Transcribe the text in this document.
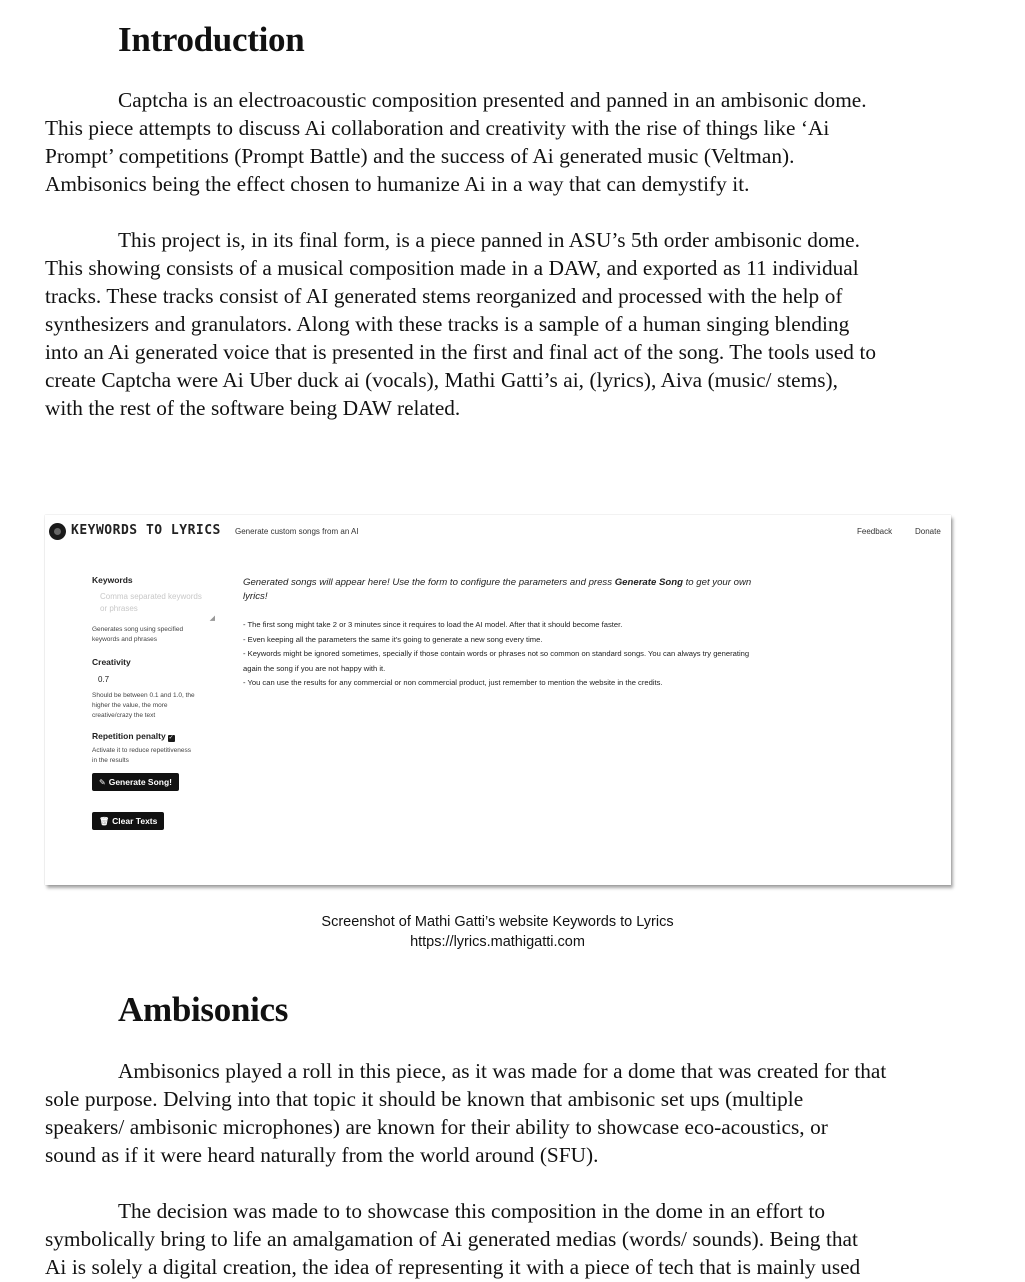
Introduction

Captcha is an electroacoustic composition presented and panned in an ambisonic dome.
This piece attempts to discuss Ai collaboration and creativity with the rise of things like ‘Ai
Prompt’ competitions (Prompt Battle) and the success of Ai generated music (Veltman).
Ambisonics being the effect chosen to humanize Ai in a way that can demystify it.

This project is, in its final form, is a piece panned in ASU’s 5th order ambisonic dome.
This showing consists of a musical composition made in a DAW, and exported as 11 individual
tracks. These tracks consist of AI generated stems reorganized and processed with the help of
synthesizers and granulators. Along with these tracks is a sample of a human singing blending
into an Ai generated voice that is presented in the first and final act of the song. The tools used to
create Captcha were Ai Uber duck ai (vocals), Mathi Gatti’s ai, (lyrics), Aiva (music/ stems),
with the rest of the software being DAW related.

KEYWORDS TO LYRICS Generate custom songs from an AI	Feedback	Donate
Keywords
Comma separated keywords
or phrases
◢
Generates song using specified
keywords and phrases
Creativity
0.7
Should be between 0.1 and 1.0, the
higher the value, the more
creative/crazy the text
Repetition penalty ✓
Activate it to reduce repetitiveness
in the results
✎ Generate Song!
🗑 Clear Texts

Generated songs will appear here! Use the form to configure the parameters and press Generate Song to get your own
lyrics!

- The first song might take 2 or 3 minutes since it requires to load the AI model. After that it should become faster.
- Even keeping all the parameters the same it's going to generate a new song every time.
- Keywords might be ignored sometimes, specially if those contain words or phrases not so common on standard songs. You can always try generating
again the song if you are not happy with it.
- You can use the results for any commercial or non commercial product, just remember to mention the website in the credits.
Screenshot of Mathi Gatti’s website Keywords to Lyrics
https://lyrics.mathigatti.com
Ambisonics

Ambisonics played a roll in this piece, as it was made for a dome that was created for that
sole purpose. Delving into that topic it should be known that ambisonic set ups (multiple
speakers/ ambisonic microphones) are known for their ability to showcase eco-acoustics, or
sound as if it were heard naturally from the world around (SFU).

The decision was made to to showcase this composition in the dome in an effort to
symbolically bring to life an amalgamation of Ai generated medias (words/ sounds). Being that
Ai is solely a digital creation, the idea of representing it with a piece of tech that is mainly used
